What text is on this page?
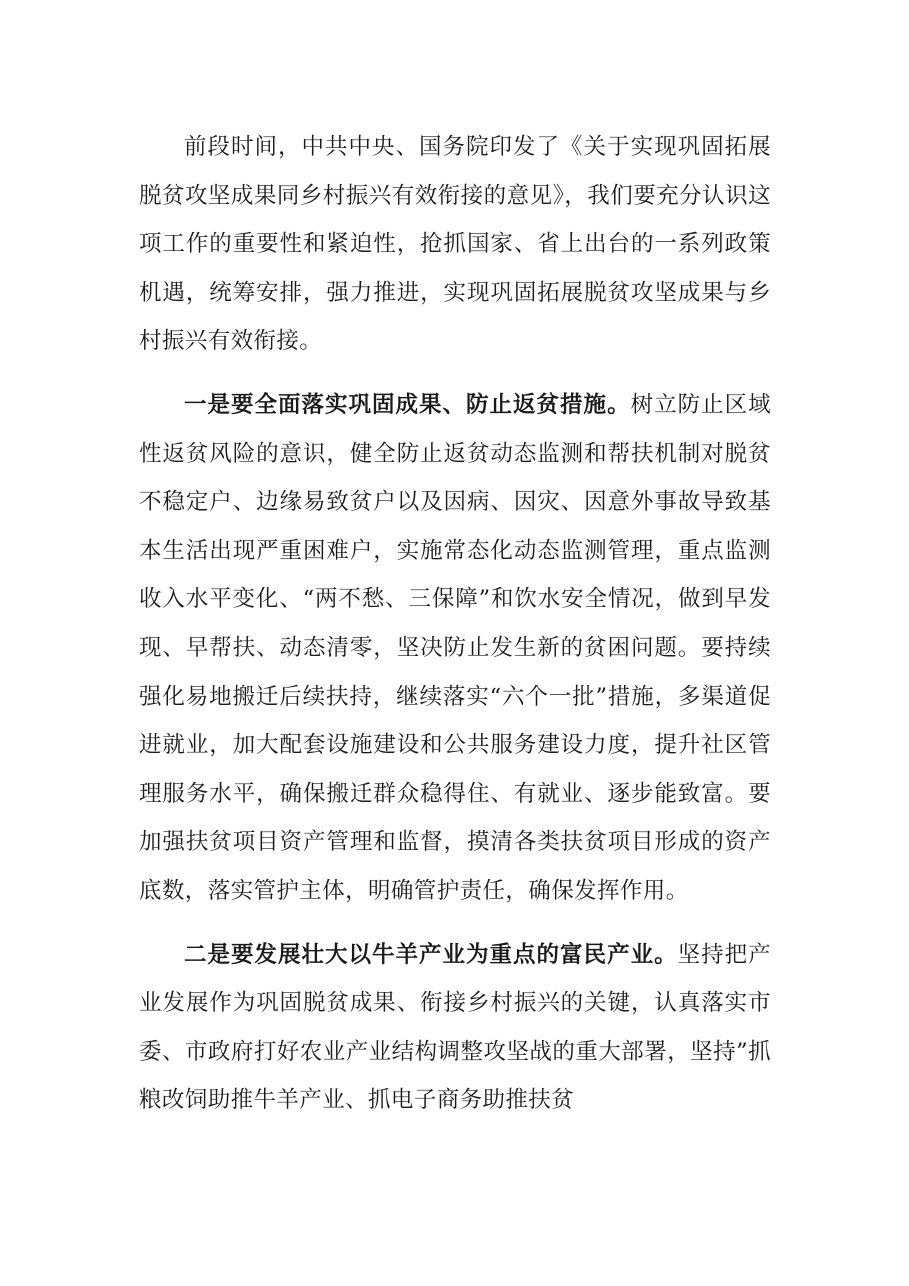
前段时间，中共中央、国务院印发了《关于实现巩固拓展脱贫攻坚成果同乡村振兴有效衔接的意见》，我们要充分认识这项工作的重要性和紧迫性，抢抓国家、省上出台的一系列政策机遇，统筹安排，强力推进，实现巩固拓展脱贫攻坚成果与乡村振兴有效衔接。

一是要全面落实巩固成果、防止返贫措施。树立防止区域性返贫风险的意识，健全防止返贫动态监测和帮扶机制对脱贫不稳定户、边缘易致贫户以及因病、因灾、因意外事故导致基本生活出现严重困难户，实施常态化动态监测管理，重点监测收入水平变化、“两不愁、三保障”和饮水安全情况，做到早发现、早帮扶、动态清零，坚决防止发生新的贫困问题。要持续强化易地搬迁后续扶持，继续落实“六个一批”措施，多渠道促进就业，加大配套设施建设和公共服务建设力度，提升社区管理服务水平，确保搬迁群众稳得住、有就业、逐步能致富。要加强扶贫项目资产管理和监督，摸清各类扶贫项目形成的资产底数，落实管护主体，明确管护责任，确保发挥作用。

二是要发展壮大以牛羊产业为重点的富民产业。坚持把产业发展作为巩固脱贫成果、衔接乡村振兴的关键，认真落实市委、市政府打好农业产业结构调整攻坚战的重大部署，坚持”抓粮改饲助推牛羊产业、抓电子商务助推扶贫
